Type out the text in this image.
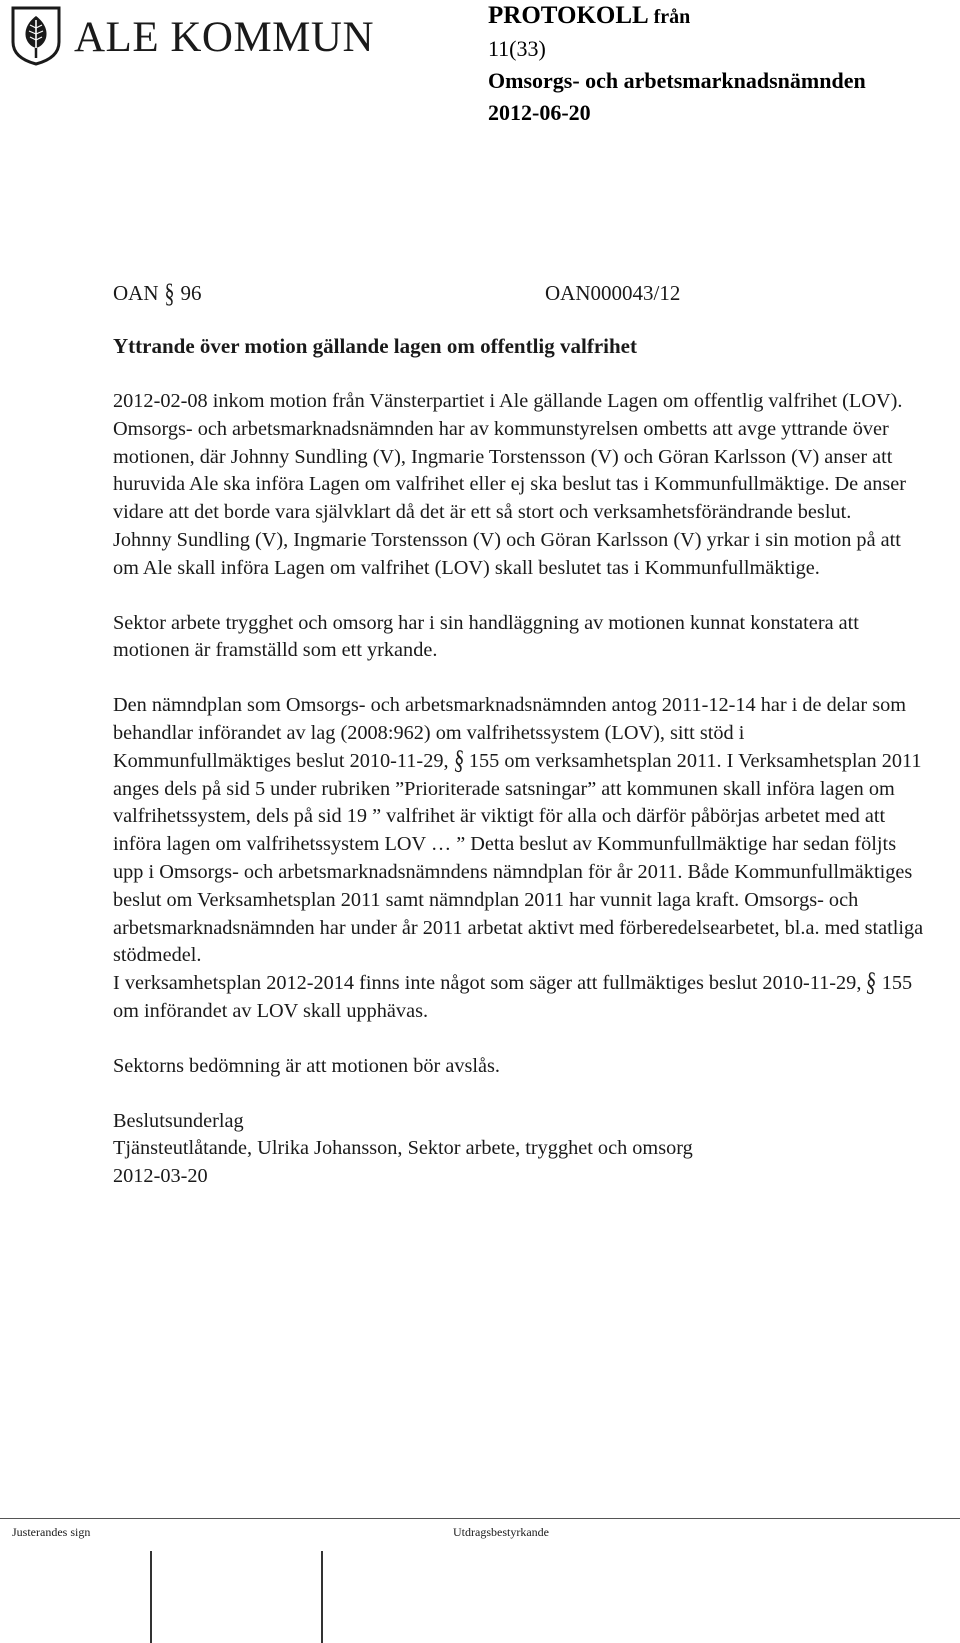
ALE KOMMUN	PROTOKOLL från
11(33)
Omsorgs- och arbetsmarknadsnämnden
2012-06-20
OAN § 96	OAN000043/12
Yttrande över motion gällande lagen om offentlig valfrihet

2012-02-08 inkom motion från Vänsterpartiet i Ale gällande Lagen om offentlig valfrihet (LOV).

Omsorgs- och arbetsmarknadsnämnden har av kommunstyrelsen ombetts att avge yttrande över motionen, där Johnny Sundling (V), Ingmarie Torstensson (V) och Göran Karlsson (V) anser att huruvida Ale ska införa Lagen om valfrihet eller ej ska beslut tas i Kommunfullmäktige. De anser vidare att det borde vara självklart då det är ett så stort och verksamhetsförändrande beslut.

Johnny Sundling (V), Ingmarie Torstensson (V) och Göran Karlsson (V) yrkar i sin motion på att om Ale skall införa Lagen om valfrihet (LOV) skall beslutet tas i Kommunfullmäktige.

Sektor arbete trygghet och omsorg har i sin handläggning av motionen kunnat konstatera att motionen är framställd som ett yrkande.

Den nämndplan som Omsorgs- och arbetsmarknadsnämnden antog 2011-12-14 har i de delar som behandlar införandet av lag (2008:962) om valfrihetssystem (LOV), sitt stöd i Kommunfullmäktiges beslut 2010-11-29, § 155 om verksamhetsplan 2011. I Verksamhetsplan 2011 anges dels på sid 5 under rubriken ”Prioriterade satsningar” att kommunen skall införa lagen om valfrihetssystem, dels på sid 19 ” valfrihet är viktigt för alla och därför påbörjas arbetet med att införa lagen om valfrihetssystem LOV … ” Detta beslut av Kommunfullmäktige har sedan följts upp i Omsorgs- och arbetsmarknadsnämndens nämndplan för år 2011. Både Kommunfullmäktiges beslut om Verksamhetsplan 2011 samt nämndplan 2011 har vunnit laga kraft. Omsorgs- och arbetsmarknadsnämnden har under år 2011 arbetat aktivt med förberedelsearbetet, bl.a. med statliga stödmedel.

I verksamhetsplan 2012-2014 finns inte något som säger att fullmäktiges beslut 2010-11-29, § 155 om införandet av LOV skall upphävas.

Sektorns bedömning är att motionen bör avslås.

Beslutsunderlag

Tjänsteutlåtande, Ulrika Johansson, Sektor arbete, trygghet och omsorg

2012-03-20

Justerandes sign	Utdragsbestyrkande
